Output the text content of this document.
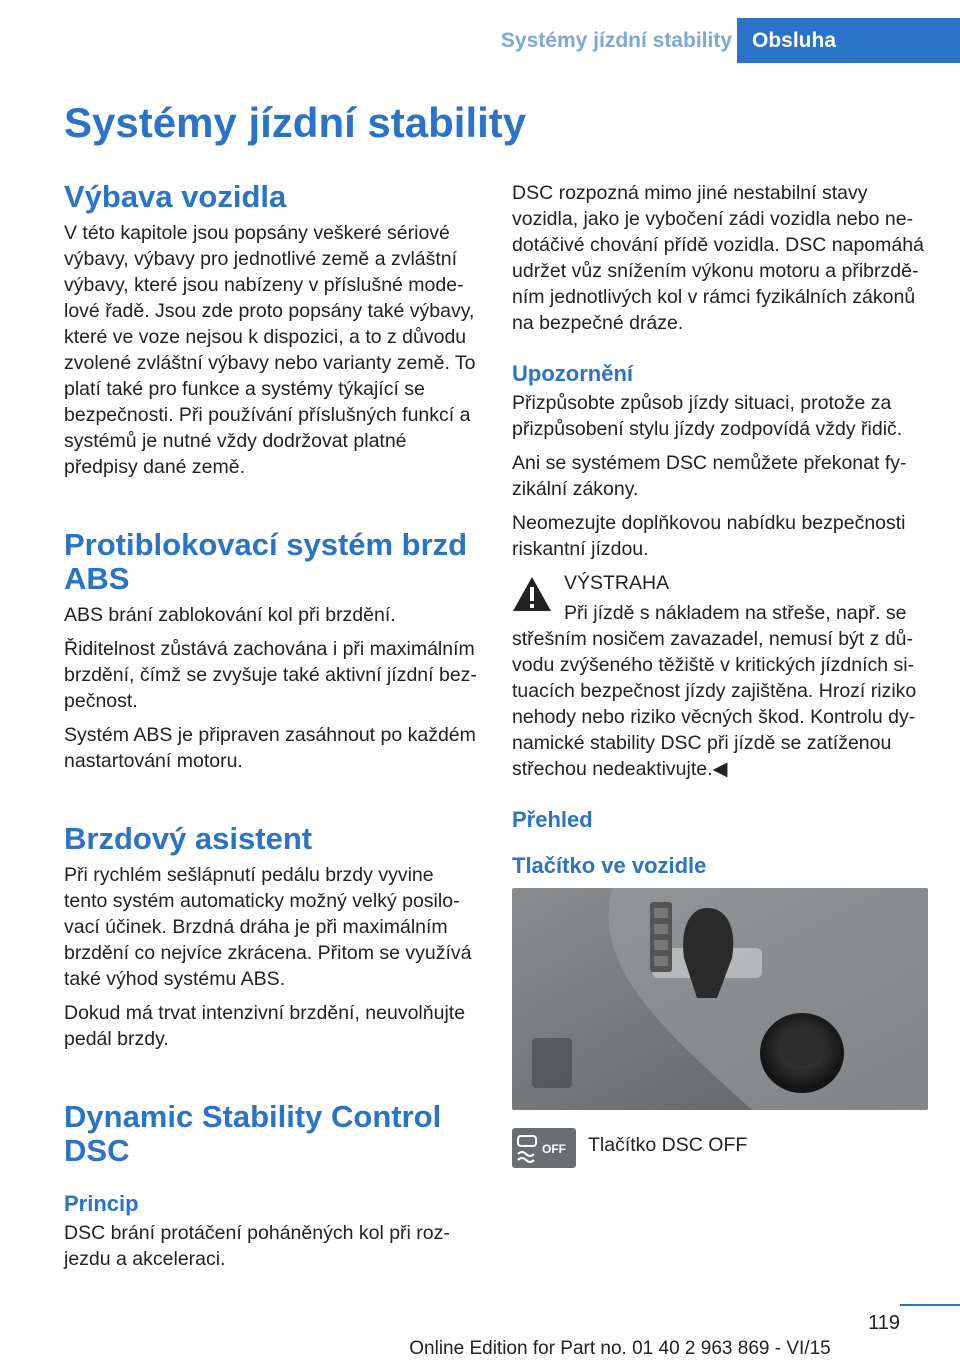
Systémy jízdní stability Obsluha
Systémy jízdní stability
Výbava vozidla

V této kapitole jsou popsány veškeré sériové výbavy, výbavy pro jednotlivé země a zvláštní výbavy, které jsou nabízeny v příslušné modelové řadě. Jsou zde proto popsány také výbavy, které ve voze nejsou k dispozici, a to z důvodu zvolené zvláštní výbavy nebo varianty země. To platí také pro funkce a systémy týkající se bezpečnosti. Při používání příslušných funkcí a systémů je nutné vždy dodržovat platné předpisy dané země.

Protiblokovací systém brzd ABS

ABS brání zablokování kol při brzdění.

Řiditelnost zůstává zachována i při maximálním brzdění, čímž se zvyšuje také aktivní jízdní bezpečnost.

Systém ABS je připraven zasáhnout po každém nastartování motoru.

Brzdový asistent

Při rychlém sešlápnutí pedálu brzdy vyvine tento systém automaticky možný velký posilovací účinek. Brzdná dráha je při maximálním brzdění co nejvíce zkrácena. Přitom se využívá také výhod systému ABS.

Dokud má trvat intenzivní brzdění, neuvolňujte pedál brzdy.

Dynamic Stability Control DSC
Princip

DSC brání protáčení poháněných kol při rozjezdu a akceleraci.

DSC rozpozná mimo jiné nestabilní stavy vozidla, jako je vybočení zádi vozidla nebo nedotáčivé chování přídě vozidla. DSC napomáhá udržet vůz snížením výkonu motoru a přibrzděním jednotlivých kol v rámci fyzikálních zákonů na bezpečné dráze.

Upozornění

Přizpůsobte způsob jízdy situaci, protože za přizpůsobení stylu jízdy zodpovídá vždy řidič.

Ani se systémem DSC nemůžete překonat fyzikální zákony.

Neomezujte doplňkovou nabídku bezpečnosti riskantní jízdou.

VÝSTRAHA

Při jízdě s nákladem na střeše, např. se střešním nosičem zavazadel, nemusí být z důvodu zvýšeného těžiště v kritických jízdních situacích bezpečnost jízdy zajištěna. Hrozí riziko nehody nebo riziko věcných škod. Kontrolu dynamické stability DSC při jízdě se zatíženou střechou nedeaktivujte.◀

Přehled
Tlačítko ve vozidle
OFF Tlačítko DSC OFF

119
Online Edition for Part no. 01 40 2 963 869 - VI/15
